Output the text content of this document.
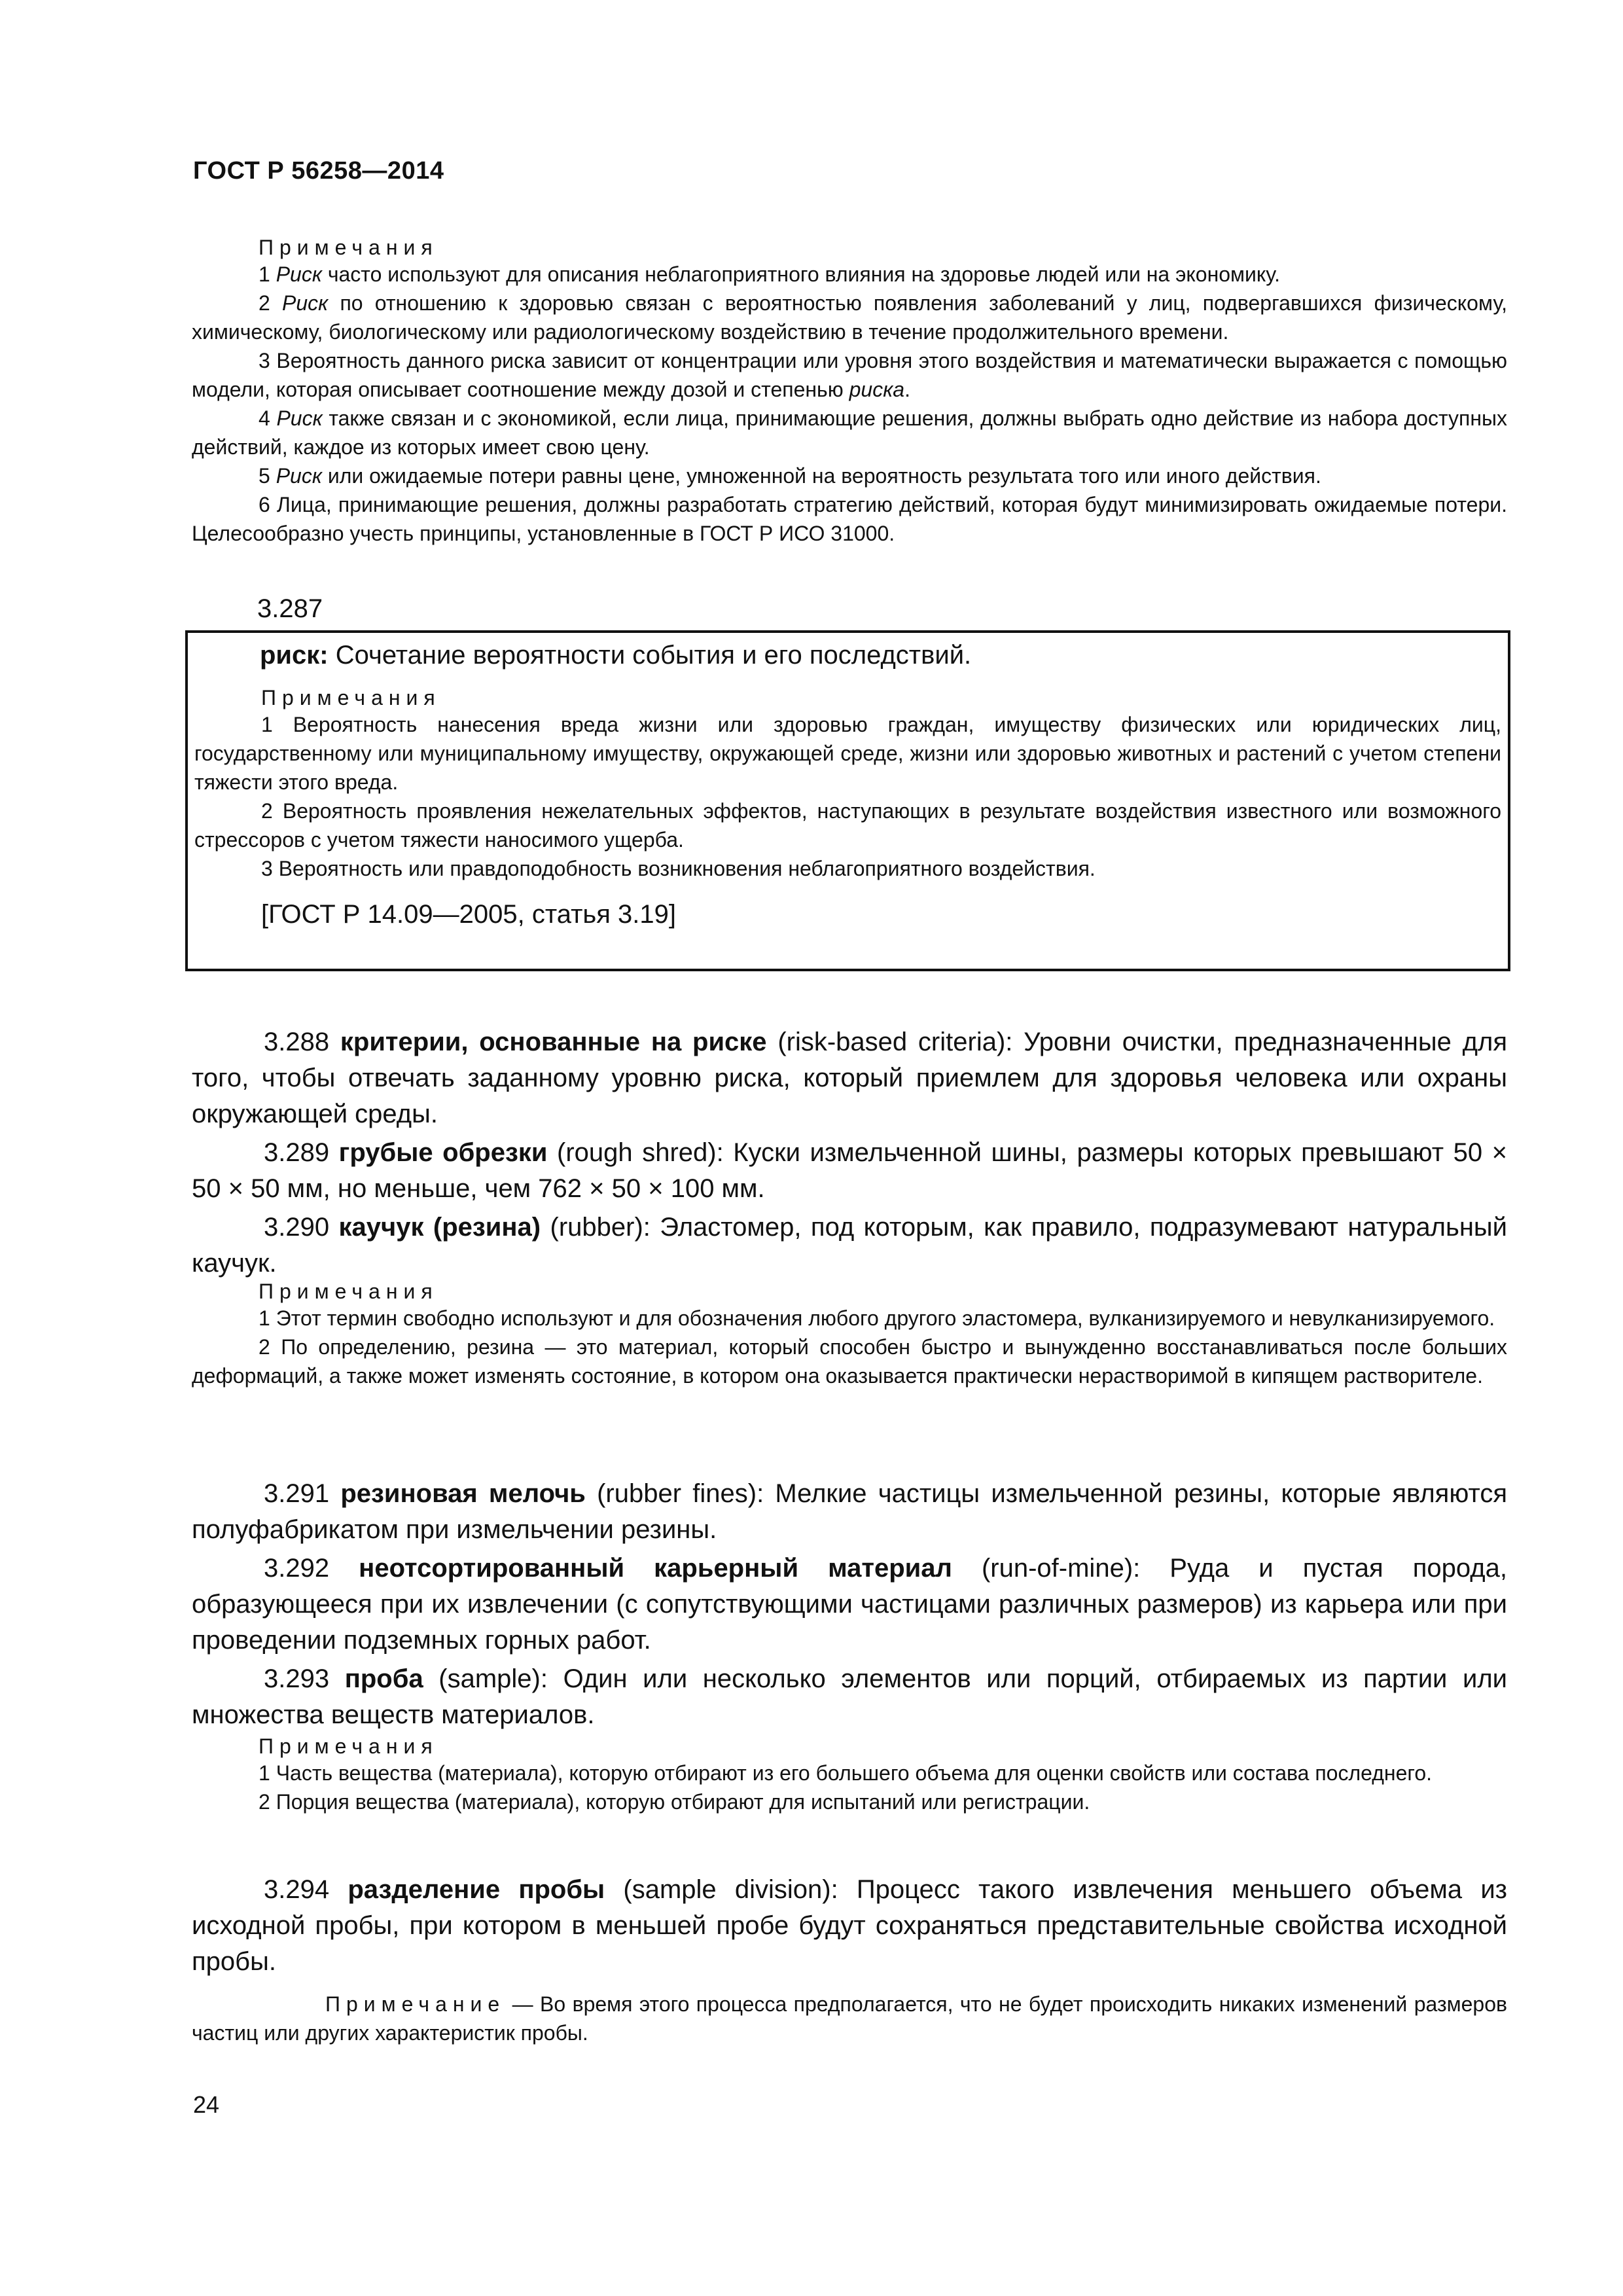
ГОСТ Р 56258—2014

Примечания

1 Риск часто используют для описания неблагоприятного влияния на здоровье людей или на экономику.

2 Риск по отношению к здоровью связан с вероятностью появления заболеваний у лиц, подвергавшихся физическому, химическому, биологическому или радиологическому воздействию в течение продолжительного времени.

3 Вероятность данного риска зависит от концентрации или уровня этого воздействия и математически выражается с помощью модели, которая описывает соотношение между дозой и степенью риска.

4 Риск также связан и с экономикой, если лица, принимающие решения, должны выбрать одно действие из набора доступных действий, каждое из которых имеет свою цену.

5 Риск или ожидаемые потери равны цене, умноженной на вероятность результата того или иного действия.

6 Лица, принимающие решения, должны разработать стратегию действий, которая будут минимизировать ожидаемые потери. Целесообразно учесть принципы, установленные в ГОСТ Р ИСО 31000.

3.287

риск: Сочетание вероятности события и его последствий.

Примечания

1 Вероятность нанесения вреда жизни или здоровью граждан, имуществу физических или юридических лиц, государственному или муниципальному имуществу, окружающей среде, жизни или здоровью животных и растений с учетом степени тяжести этого вреда.

2 Вероятность проявления нежелательных эффектов, наступающих в результате воздействия известного или возможного стрессоров с учетом тяжести наносимого ущерба.

3 Вероятность или правдоподобность возникновения неблагоприятного воздействия.

[ГОСТ Р 14.09—2005, статья 3.19]

3.288 критерии, основанные на риске (risk-based criteria): Уровни очистки, предназначенные для того, чтобы отвечать заданному уровню риска, который приемлем для здоровья человека или охраны окружающей среды.

3.289 грубые обрезки (rough shred): Куски измельченной шины, размеры которых превышают 50 × 50 × 50 мм, но меньше, чем 762 × 50 × 100 мм.

3.290 каучук (резина) (rubber): Эластомер, под которым, как правило, подразумевают натуральный каучук.

Примечания

1 Этот термин свободно используют и для обозначения любого другого эластомера, вулканизируемого и невулканизируемого.

2 По определению, резина — это материал, который способен быстро и вынужденно восстанавливаться после больших деформаций, а также может изменять состояние, в котором она оказывается практически нерастворимой в кипящем растворителе.

3.291 резиновая мелочь (rubber fines): Мелкие частицы измельченной резины, которые являются полуфабрикатом при измельчении резины.

3.292 неотсортированный карьерный материал (run-of-mine): Руда и пустая порода, образующееся при их извлечении (с сопутствующими частицами различных размеров) из карьера или при проведении подземных горных работ.

3.293 проба (sample): Один или несколько элементов или порций, отбираемых из партии или множества веществ материалов.

Примечания

1 Часть вещества (материала), которую отбирают из его большего объема для оценки свойств или состава последнего.

2 Порция вещества (материала), которую отбирают для испытаний или регистрации.

3.294 разделение пробы (sample division): Процесс такого извлечения меньшего объема из исходной пробы, при котором в меньшей пробе будут сохраняться представительные свойства исходной пробы.

Примечание — Во время этого процесса предполагается, что не будет происходить никаких изменений размеров частиц или других характеристик пробы.

24
